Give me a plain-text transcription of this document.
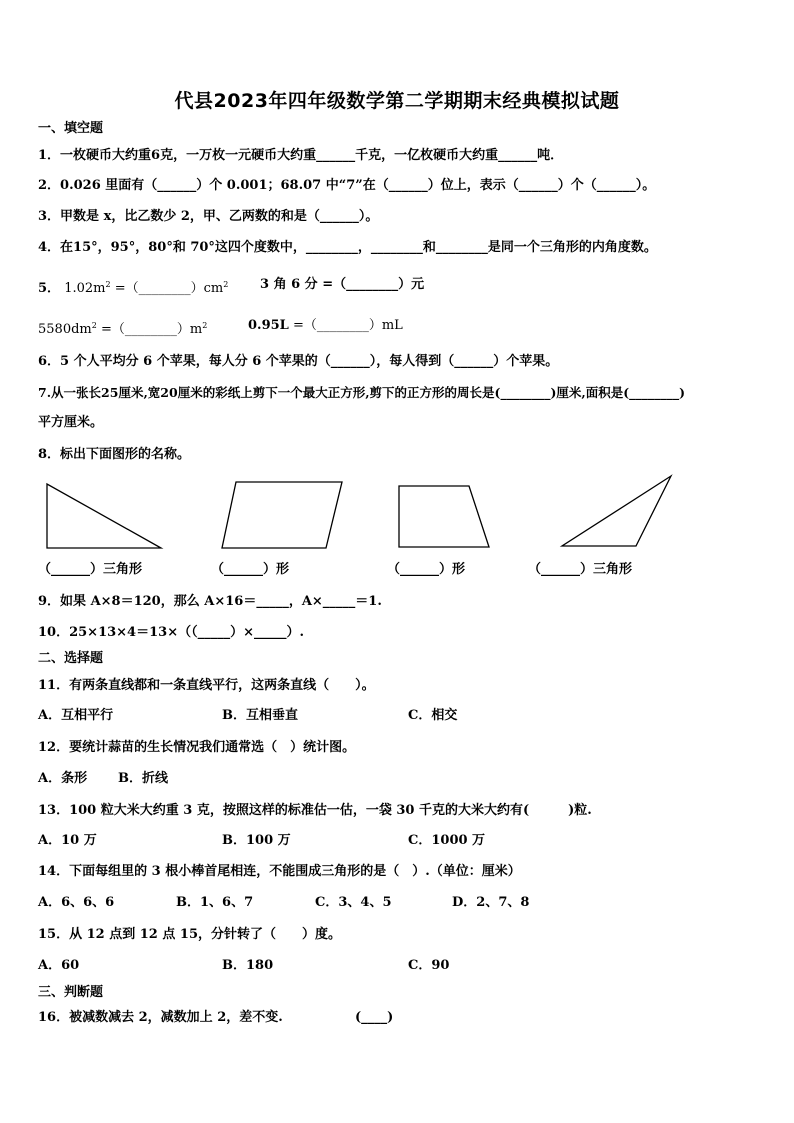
代县2023年四年级数学第二学期期末经典模拟试题
一、填空题
1．一枚硬币大约重6克，一万枚一元硬币大约重______千克，一亿枚硬币大约重______吨．
2．0.026 里面有（______）个 0.001；68.07 中“7”在（______）位上，表示（______）个（______）。
3．甲数是 x，比乙数少 2，甲、乙两数的和是（______）。
4．在15°，95°，80°和 70°这四个度数中，________，________和________是同一个三角形的内角度数。
5． $1.02m^2$ $=(\_\_\_\_\_\_\_\_)cm^2$ 3 角 6 分 =（________）元
$5580dm^2$ $=(\_\_\_\_\_\_\_\_)m^2$	0.95L =（________）mL
6．5 个人平均分 6 个苹果，每人分 6 个苹果的（______），每人得到（______）个苹果。
7.从一张长25厘米,宽20厘米的彩纸上剪下一个最大正方形,剪下的正方形的周长是(________)厘米,面积是(________)
平方厘米。
8．标出下面图形的名称。
（______）三角形	（______）形	（______）形	（______）三角形
9．如果 A×8＝120，那么 A×16＝_____，A×_____＝1.
10．25×13×4＝13×（（_____）×_____）.
二、选择题
11．有两条直线都和一条直线平行，这两条直线（　　）。
A．互相平行	B．互相垂直	C．相交
12．要统计蒜苗的生长情况我们通常选（　）统计图。
A．条形 B．折线
13．100 粒大米大约重 3 克，按照这样的标准估一估，一袋 30 千克的大米大约有(　　　)粒.
A．10 万	B．100 万	C．1000 万
14．下面每组里的 3 根小棒首尾相连，不能围成三角形的是（　）.（单位：厘米）
A．6、6、6	B．1、6、7	C．3、4、5	D．2、7、8
15．从 12 点到 12 点 15，分针转了（　　）度。
A．60	B．180	C．90
三、判断题
16．被减数减去 2，减数加上 2，差不变.	(____)
